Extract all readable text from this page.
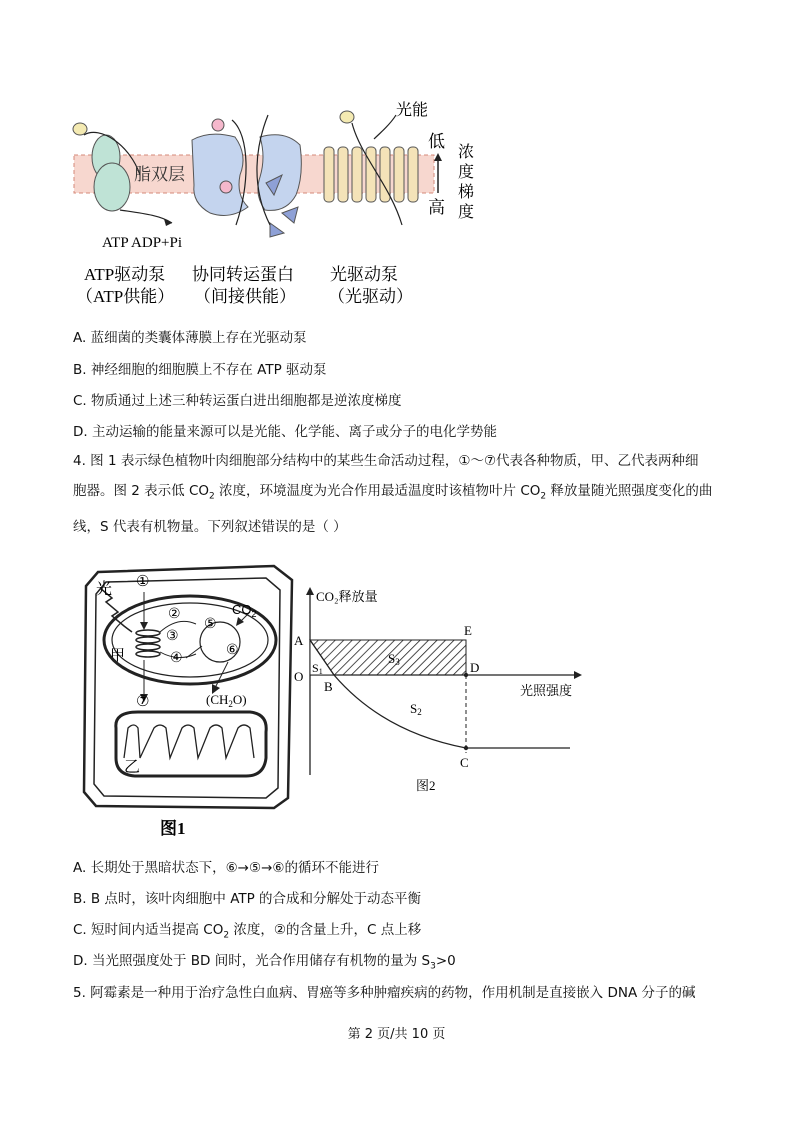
脂双层
ATP ADP+Pi
光能
低
高
浓
度
梯
度
ATP驱动泵
（ATP供能）
协同转运蛋白
（间接供能）
光驱动泵
（光驱动）
A. 蓝细菌的类囊体薄膜上存在光驱动泵
B. 神经细胞的细胞膜上不存在 ATP 驱动泵
C. 物质通过上述三种转运蛋白进出细胞都是逆浓度梯度
D. 主动运输的能量来源可以是光能、化学能、离子或分子的电化学势能

4. 图 1 表示绿色植物叶肉细胞部分结构中的某些生命活动过程，①～⑦代表各种物质，甲、乙代表两种细

胞器。图 2 表示低 $CO_2$ 浓度，环境温度为光合作用最适温度时该植物叶片 $CO_2$ 释放量随光照强度变化的曲

线，S 代表有机物量。下列叙述错误的是（ ）

光
甲
乙
①
②
③
④
⑤
⑥
⑦
$CO_2$
$(CH_2O)$
图1
CO₂释放量
光照强度
A
O
B
C
D
E
S1
S3
S2
图2
A. 长期处于黑暗状态下，⑥→⑤→⑥的循环不能进行
B. B 点时，该叶肉细胞中 ATP 的合成和分解处于动态平衡
C. 短时间内适当提高 $CO_2$ 浓度，②的含量上升，C 点上移
D. 当光照强度处于 BD 间时，光合作用储存有机物的量为 $S_3>0$
5. 阿霉素是一种用于治疗急性白血病、胃癌等多种肿瘤疾病的药物，作用机制是直接嵌入 DNA 分子的碱
第 2 页/共 10 页
